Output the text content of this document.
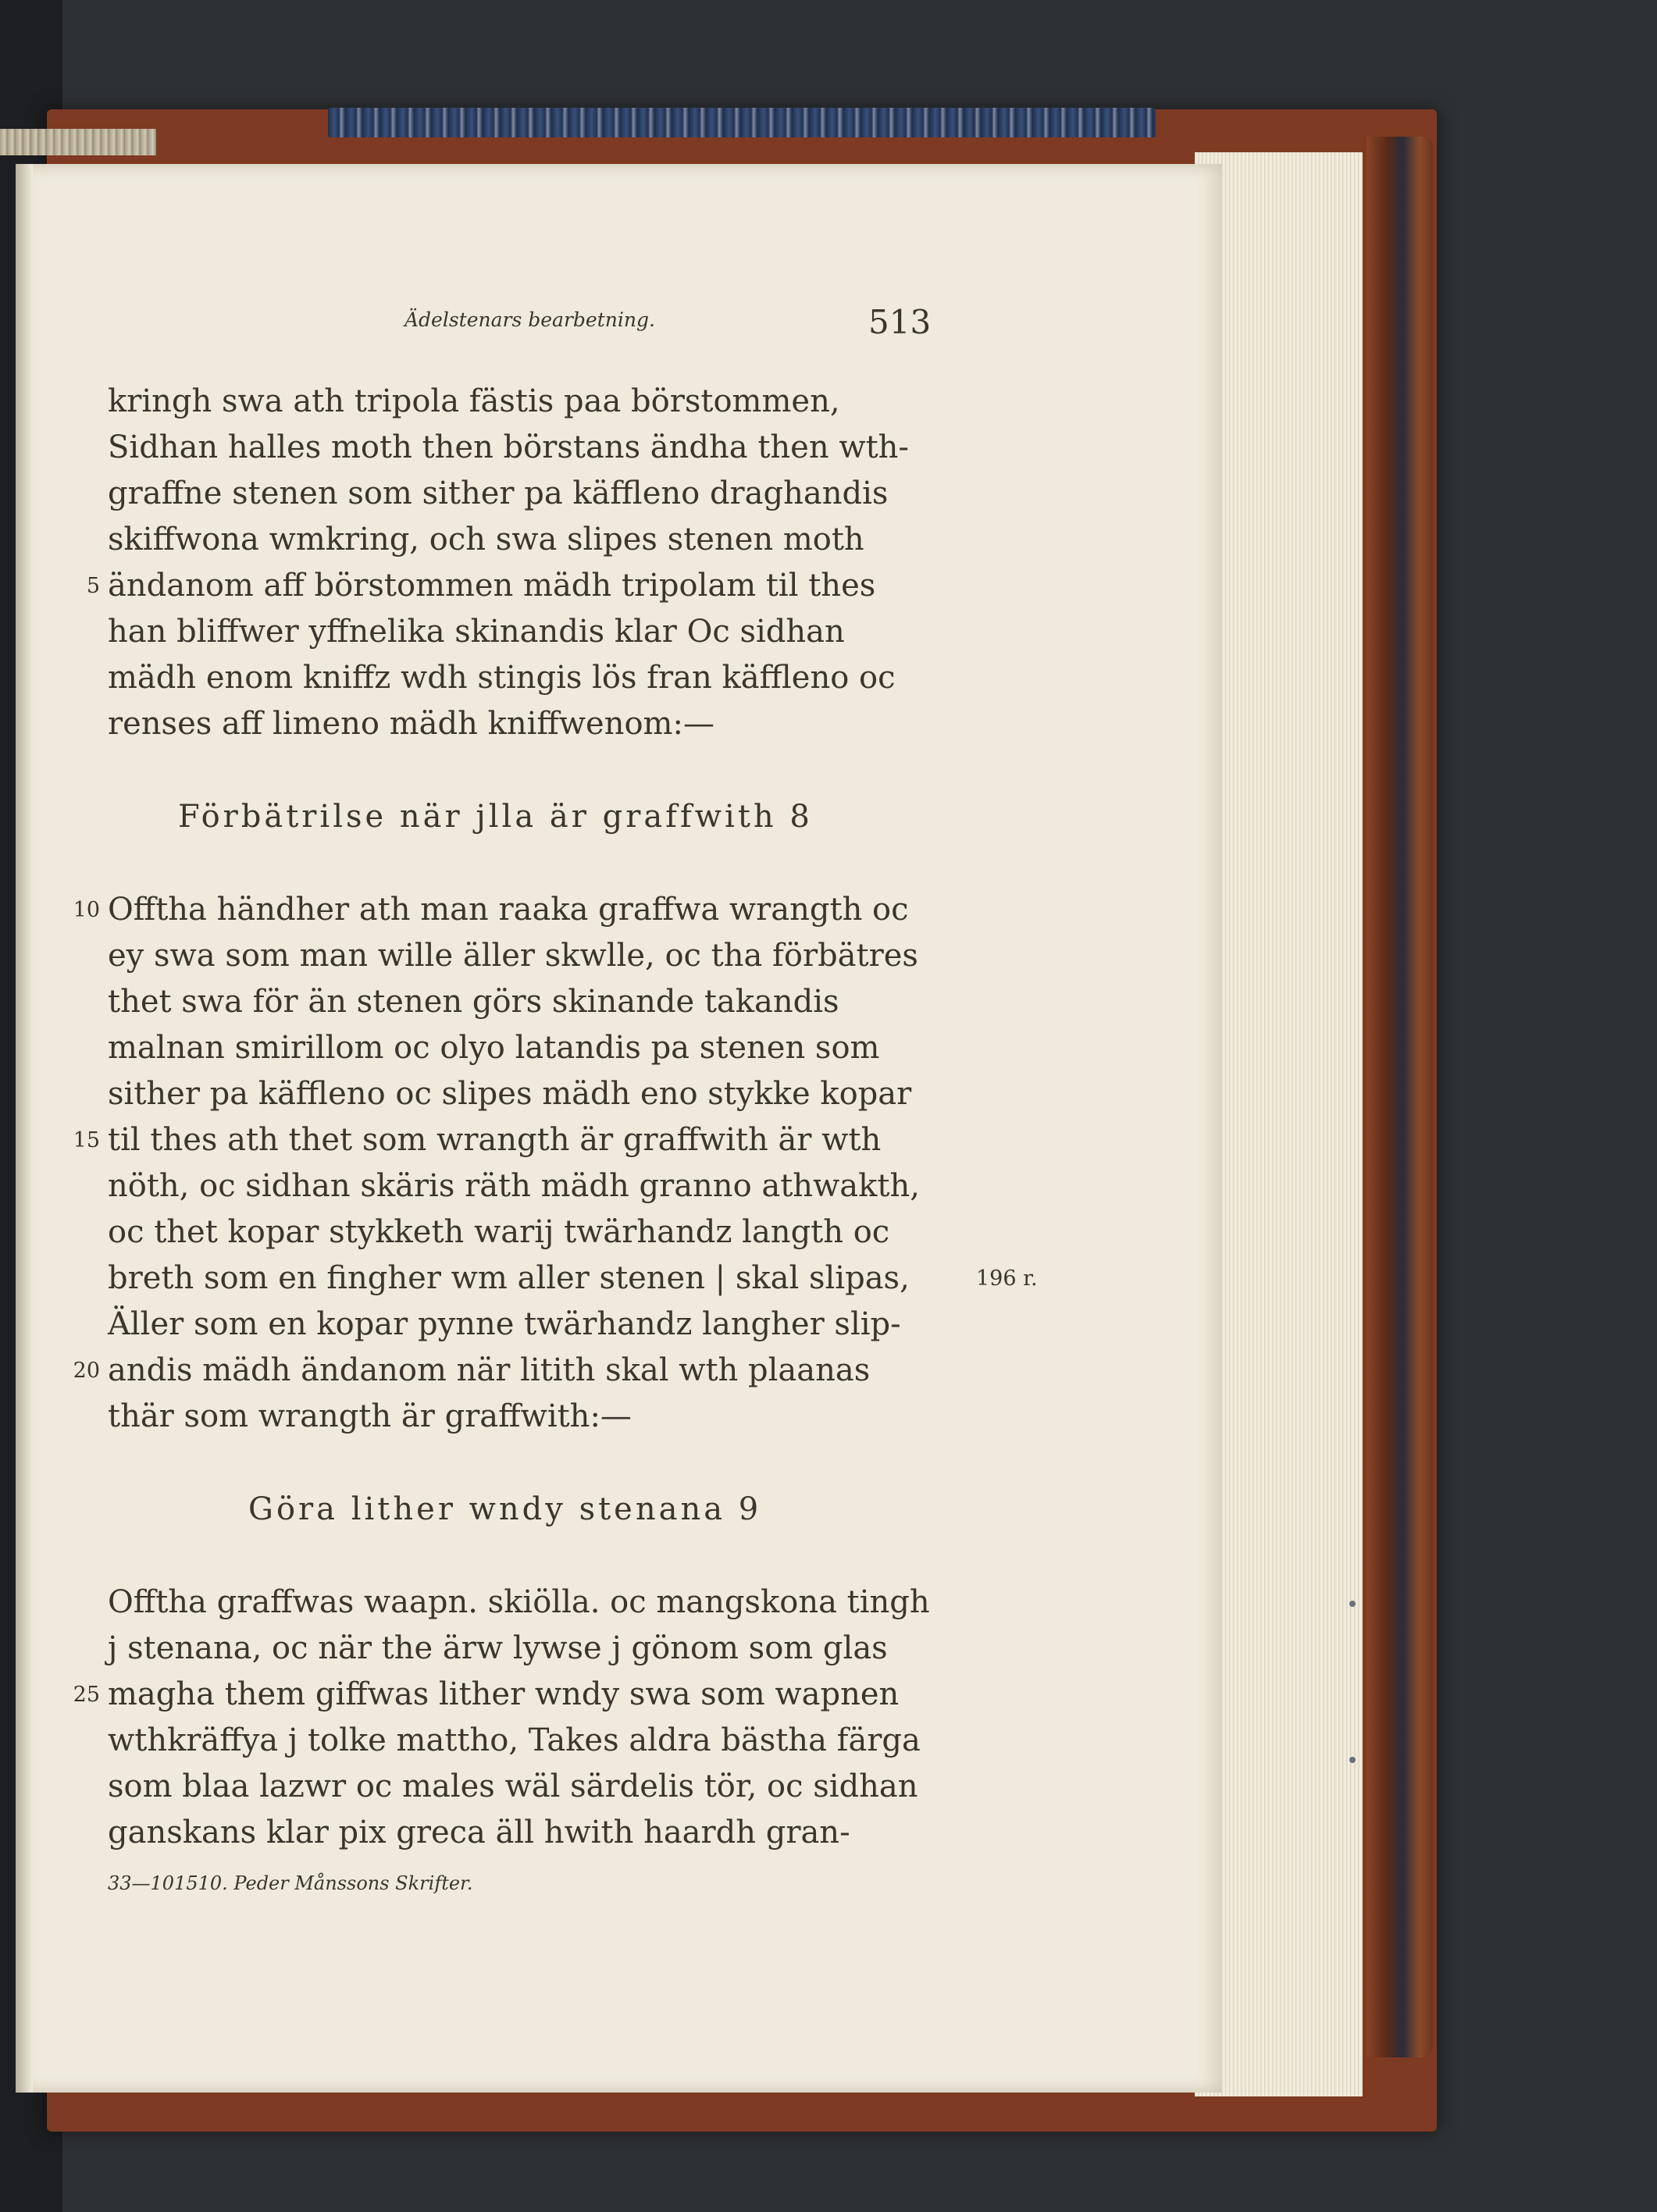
Ädelstenars bearbetning.	513
kringh swa ath tripola fästis paa börstommen,
Sidhan halles moth then börstans ändha then wth-
graffne stenen som sither pa käffleno draghandis
skiffwona wmkring, och swa slipes stenen moth
ändanom aff börstommen mädh tripolam til thes
5
han bliffwer yffnelika skinandis klar Oc sidhan
mädh enom kniffz wdh stingis lös fran käffleno oc
renses aff limeno mädh kniffwenom:—
Förbätrilse när jlla är graffwith 8
Offtha händher ath man raaka graffwa wrangth oc
10
ey swa som man wille äller skwlle, oc tha förbätres
thet swa för än stenen görs skinande takandis
malnan smirillom oc olyo latandis pa stenen som
sither pa käffleno oc slipes mädh eno stykke kopar
til thes ath thet som wrangth är graffwith är wth
15
nöth, oc sidhan skäris räth mädh granno athwakth,
oc thet kopar stykketh warij twärhandz langth oc
breth som en fingher wm aller stenen | skal slipas,	196 r.
Äller som en kopar pynne twärhandz langher slip-
andis mädh ändanom när litith skal wth plaanas
20
thär som wrangth är graffwith:—
Göra lither wndy stenana 9
Offtha graffwas waapn. skiölla. oc mangskona tingh
j stenana, oc när the ärw lywse j gönom som glas
magha them giffwas lither wndy swa som wapnen
25
wthkräffya j tolke mattho, Takes aldra bästha färga
som blaa lazwr oc males wäl särdelis tör, oc sidhan
ganskans klar pix greca äll hwith haardh gran-
33—101510. Peder Månssons Skrifter.
